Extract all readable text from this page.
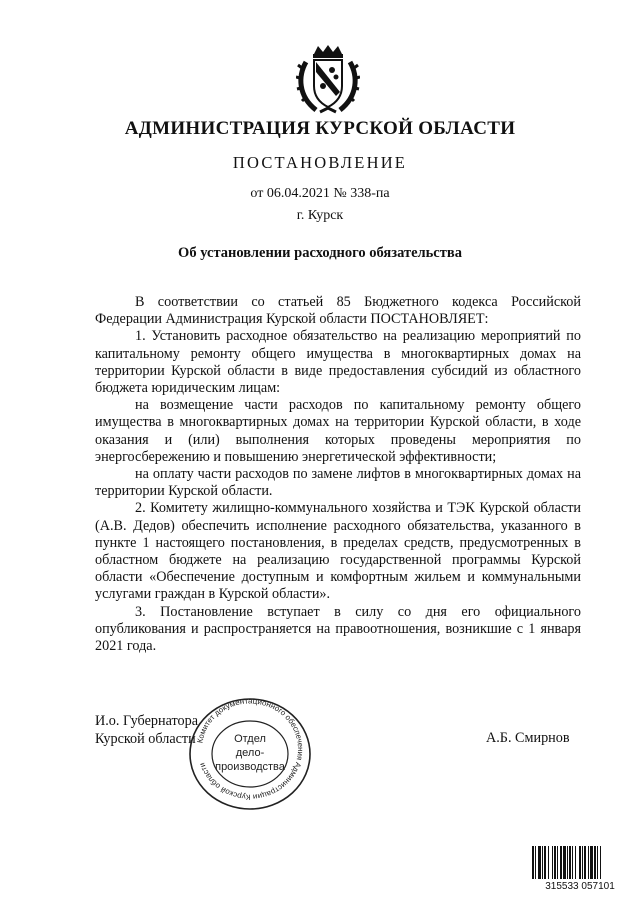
АДМИНИСТРАЦИЯ КУРСКОЙ ОБЛАСТИ
ПОСТАНОВЛЕНИЕ
от 06.04.2021 № 338-па
г. Курск
Об установлении расходного обязательства

В соответствии со статьей 85 Бюджетного кодекса Российской Федерации Администрация Курской области ПОСТАНОВЛЯЕТ:

1. Установить расходное обязательство на реализацию мероприятий по капитальному ремонту общего имущества в многоквартирных домах на территории Курской области в виде предоставления субсидий из областного бюджета юридическим лицам:

на возмещение части расходов по капитальному ремонту общего имущества в многоквартирных домах на территории Курской области, в ходе оказания и (или) выполнения которых проведены мероприятия по энергосбережению и повышению энергетической эффективности;

на оплату части расходов по замене лифтов в многоквартирных домах на территории Курской области.

2. Комитету жилищно-коммунального хозяйства и ТЭК Курской области (А.В. Дедов) обеспечить исполнение расходного обязательства, указанного в пункте 1 настоящего постановления, в пределах средств, предусмотренных в областном бюджете на реализацию государственной программы Курской области «Обеспечение доступным и комфортным жильем и коммунальными услугами граждан в Курской области».

3. Постановление вступает в силу со дня его официального опубликования и распространяется на правоотношения, возникшие с 1 января 2021 года.

И.о. Губернатора
Курской области	А.Б. Смирнов
Комитет документационного обеспечения Администрации Курской области
Отдел
дело-
производства
315533 057101
